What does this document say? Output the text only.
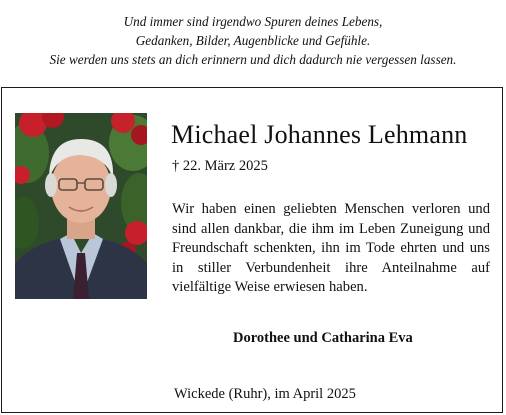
Und immer sind irgendwo Spuren deines Lebens,
Gedanken, Bilder, Augenblicke und Gefühle.
Sie werden uns stets an dich erinnern und dich dadurch nie vergessen lassen.
Michael Johannes Lehmann
† 22. März 2025
Wir haben einen geliebten Menschen verloren und sind allen dankbar, die ihm im Leben Zuneigung und Freundschaft schenkten, ihn im Tode ehrten und uns in stiller Verbundenheit ihre Anteilnahme auf vielfältige Weise erwiesen haben.
Dorothee und Catharina Eva
Wickede (Ruhr), im April 2025
